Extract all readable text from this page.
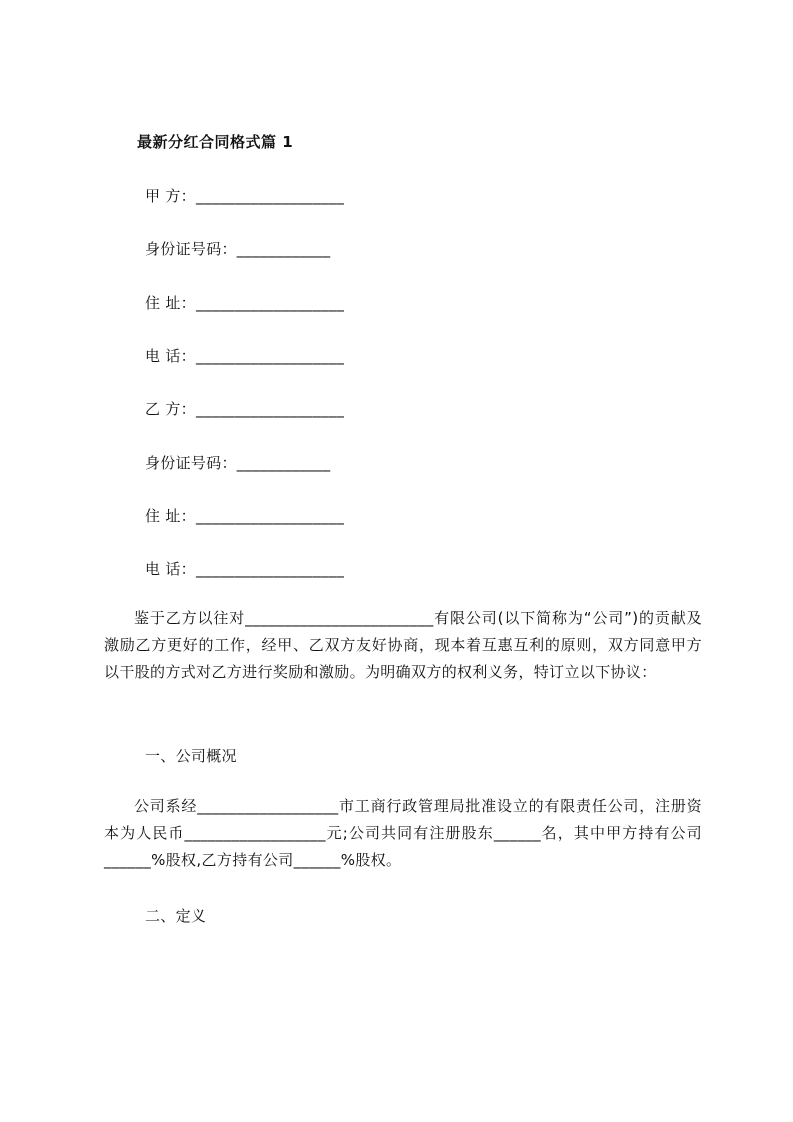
最新分红合同格式篇 1
甲 方：___________________
身份证号码：____________
住 址：___________________
电 话：___________________
乙 方：___________________
身份证号码：____________
住 址：___________________
电 话：___________________

鉴于乙方以往对________________________有限公司(以下简称为“公司”)的贡献及激励乙方更好的工作，经甲、乙双方友好协商，现本着互惠互利的原则，双方同意甲方以干股的方式对乙方进行奖励和激励。为明确双方的权利义务，特订立以下协议：

一、公司概况

公司系经__________________市工商行政管理局批准设立的有限责任公司，注册资本为人民币__________________元;公司共同有注册股东______名，其中甲方持有公司______%股权,乙方持有公司______%股权。

二、定义
